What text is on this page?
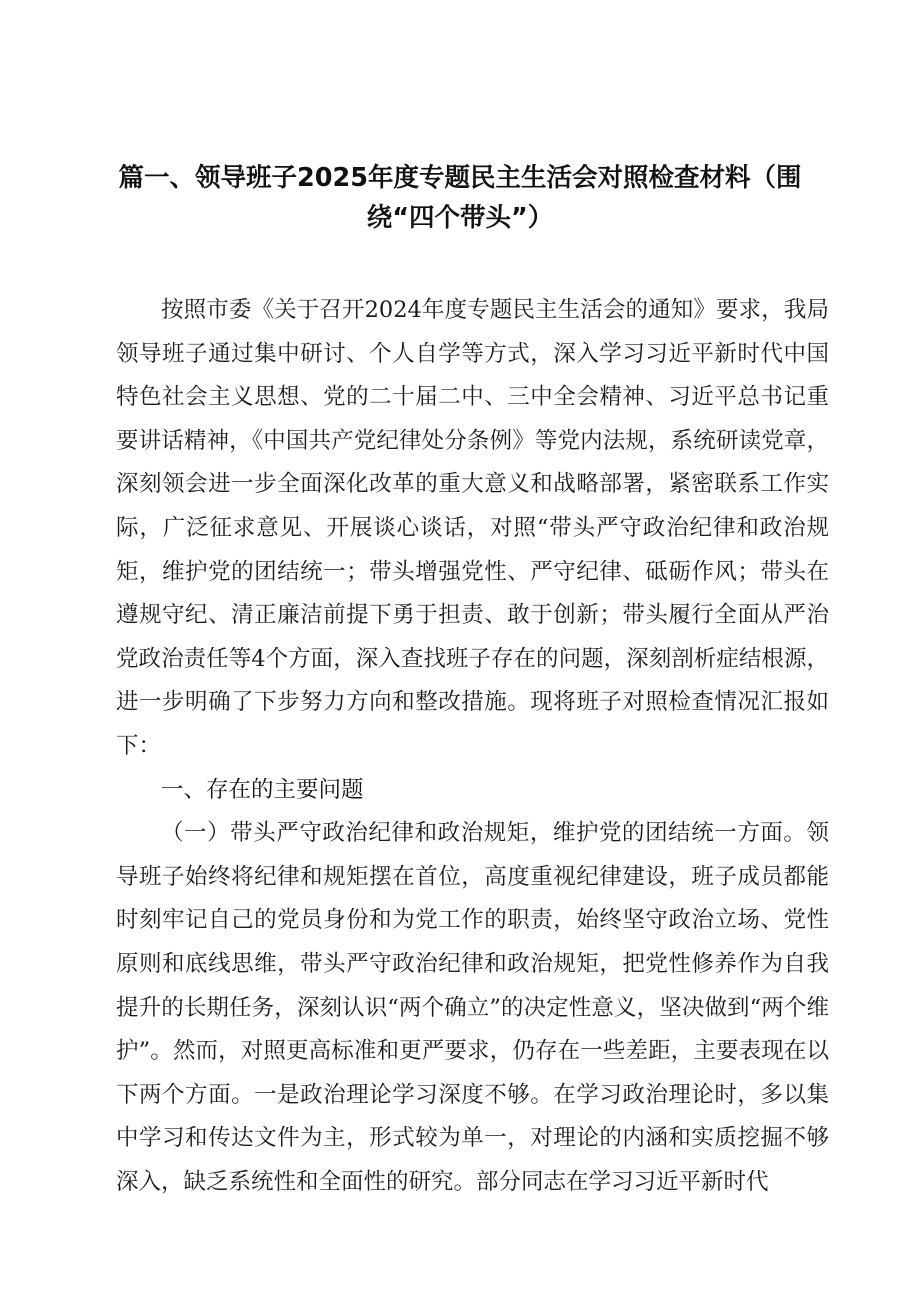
篇一、领导班子2025年度专题民主生活会对照检查材料（围绕“四个带头”）

按照市委《关于召开2024年度专题民主生活会的通知》要求，我局领导班子通过集中研讨、个人自学等方式，深入学习习近平新时代中国特色社会主义思想、党的二十届二中、三中全会精神、习近平总书记重要讲话精神，《中国共产党纪律处分条例》等党内法规，系统研读党章，深刻领会进一步全面深化改革的重大意义和战略部署，紧密联系工作实际，广泛征求意见、开展谈心谈话，对照“带头严守政治纪律和政治规矩，维护党的团结统一；带头增强党性、严守纪律、砥砺作风；带头在遵规守纪、清正廉洁前提下勇于担责、敢于创新；带头履行全面从严治党政治责任等4个方面，深入查找班子存在的问题，深刻剖析症结根源，进一步明确了下步努力方向和整改措施。现将班子对照检查情况汇报如下：

一、存在的主要问题

（一）带头严守政治纪律和政治规矩，维护党的团结统一方面。领导班子始终将纪律和规矩摆在首位，高度重视纪律建设，班子成员都能时刻牢记自己的党员身份和为党工作的职责，始终坚守政治立场、党性原则和底线思维，带头严守政治纪律和政治规矩，把党性修养作为自我提升的长期任务，深刻认识“两个确立”的决定性意义，坚决做到“两个维护”。然而，对照更高标准和更严要求，仍存在一些差距，主要表现在以下两个方面。一是政治理论学习深度不够。在学习政治理论时，多以集中学习和传达文件为主，形式较为单一，对理论的内涵和实质挖掘不够深入，缺乏系统性和全面性的研究。部分同志在学习习近平新时代
